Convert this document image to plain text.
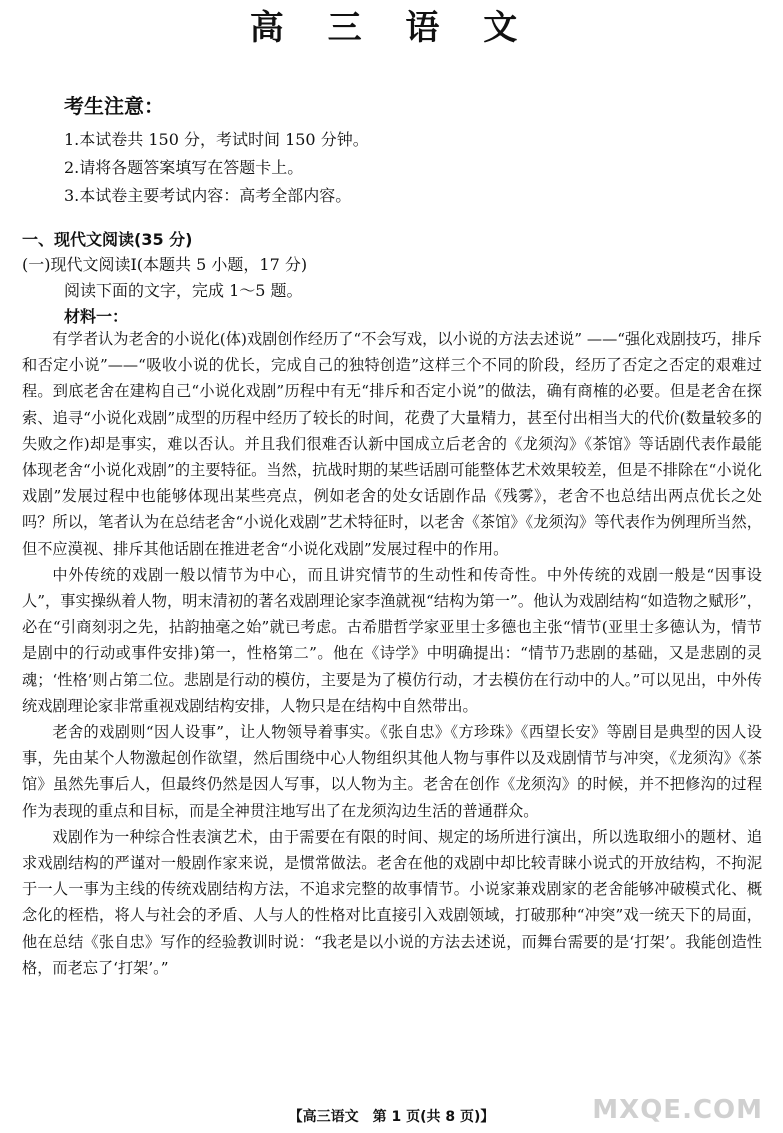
高 三 语 文
考生注意：
1.本试卷共 150 分，考试时间 150 分钟。
2.请将各题答案填写在答题卡上。
3.本试卷主要考试内容：高考全部内容。
一、现代文阅读(35 分)
(一)现代文阅读Ⅰ(本题共 5 小题，17 分)
阅读下面的文字，完成 1～5 题。
材料一：

有学者认为老舍的小说化(体)戏剧创作经历了“不会写戏，以小说的方法去述说” ——“强化戏剧技巧，排斥和否定小说”——“吸收小说的优长，完成自己的独特创造”这样三个不同的阶段，经历了否定之否定的艰难过程。到底老舍在建构自己“小说化戏剧”历程中有无“排斥和否定小说”的做法，确有商榷的必要。但是老舍在探索、追寻“小说化戏剧”成型的历程中经历了较长的时间，花费了大量精力，甚至付出相当大的代价(数量较多的失败之作)却是事实，难以否认。并且我们很难否认新中国成立后老舍的《龙须沟》《茶馆》等话剧代表作最能体现老舍“小说化戏剧”的主要特征。当然，抗战时期的某些话剧可能整体艺术效果较差，但是不排除在“小说化戏剧”发展过程中也能够体现出某些亮点，例如老舍的处女话剧作品《残雾》，老舍不也总结出两点优长之处吗？所以，笔者认为在总结老舍“小说化戏剧”艺术特征时，以老舍《茶馆》《龙须沟》等代表作为例理所当然，但不应漠视、排斥其他话剧在推进老舍“小说化戏剧”发展过程中的作用。

中外传统的戏剧一般以情节为中心，而且讲究情节的生动性和传奇性。中外传统的戏剧一般是“因事设人”，事实操纵着人物，明末清初的著名戏剧理论家李渔就视“结构为第一”。他认为戏剧结构“如造物之赋形”，必在“引商刻羽之先，拈韵抽毫之始”就已考虑。古希腊哲学家亚里士多德也主张“情节(亚里士多德认为，情节是剧中的行动或事件安排)第一，性格第二”。他在《诗学》中明确提出：“情节乃悲剧的基础，又是悲剧的灵魂；‘性格’则占第二位。悲剧是行动的模仿，主要是为了模仿行动，才去模仿在行动中的人。”可以见出，中外传统戏剧理论家非常重视戏剧结构安排，人物只是在结构中自然带出。

老舍的戏剧则“因人设事”，让人物领导着事实。《张自忠》《方珍珠》《西望长安》等剧目是典型的因人设事，先由某个人物激起创作欲望，然后围绕中心人物组织其他人物与事件以及戏剧情节与冲突，《龙须沟》《茶馆》虽然先事后人，但最终仍然是因人写事，以人物为主。老舍在创作《龙须沟》的时候，并不把修沟的过程作为表现的重点和目标，而是全神贯注地写出了在龙须沟边生活的普通群众。

戏剧作为一种综合性表演艺术，由于需要在有限的时间、规定的场所进行演出，所以选取细小的题材、追求戏剧结构的严谨对一般剧作家来说，是惯常做法。老舍在他的戏剧中却比较青睐小说式的开放结构，不拘泥于一人一事为主线的传统戏剧结构方法，不追求完整的故事情节。小说家兼戏剧家的老舍能够冲破模式化、概念化的桎梏，将人与社会的矛盾、人与人的性格对比直接引入戏剧领域，打破那种“冲突”戏一统天下的局面，他在总结《张自忠》写作的经验教训时说：“我老是以小说的方法去述说，而舞台需要的是‘打架’。我能创造性格，而老忘了‘打架’。”

【高三语文　第 1 页(共 8 页)】	MXQE.COM
